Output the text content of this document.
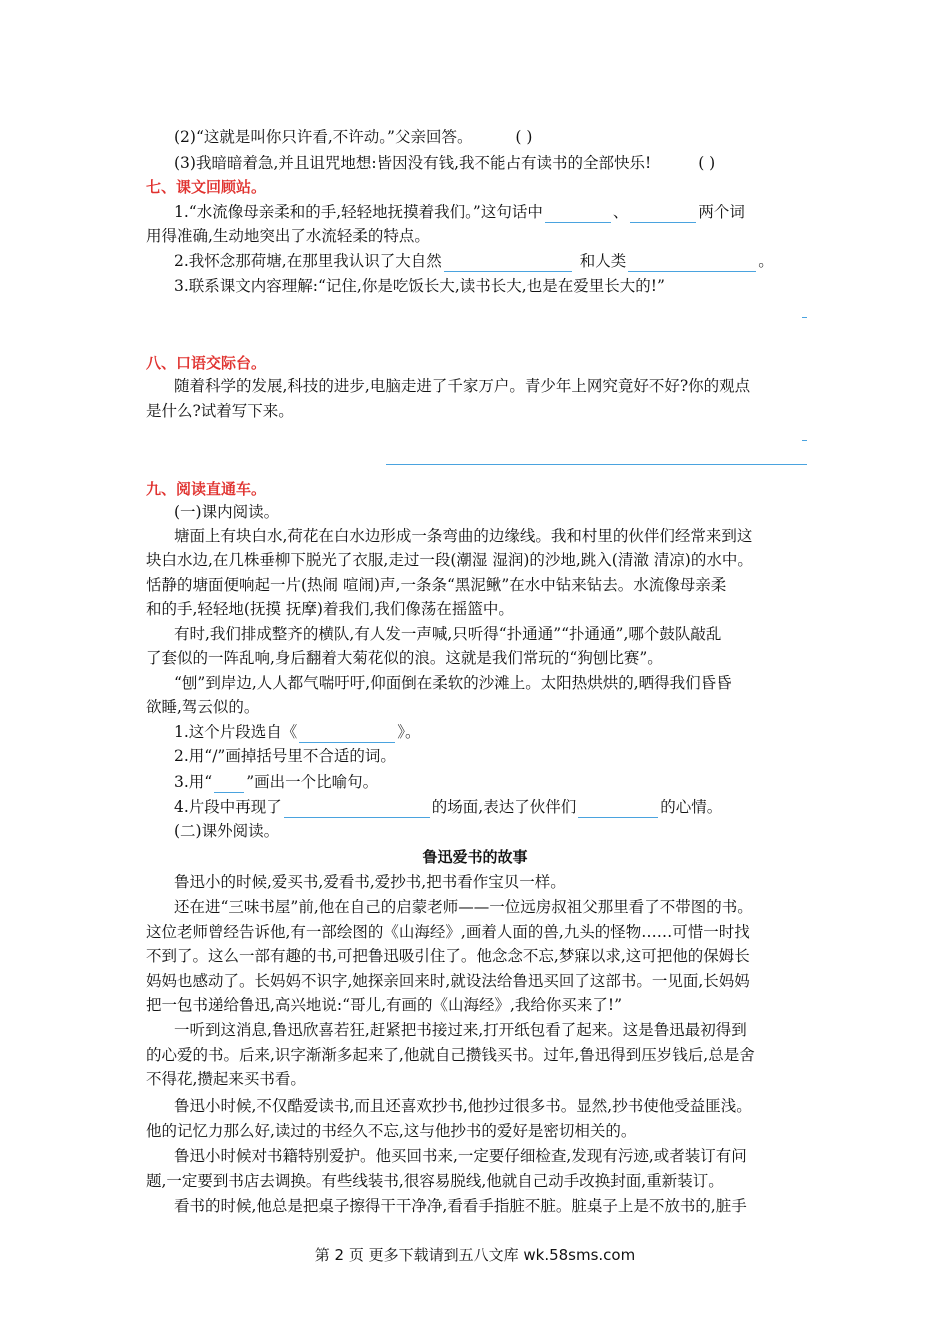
(2)“这就是叫你只许看,不许动。”父亲回答。	( )
(3)我暗暗着急,并且诅咒地想:皆因没有钱,我不能占有读书的全部快乐!	( )
七、课文回顾站。
1.“水流像母亲柔和的手,轻轻地抚摸着我们。”这句话中	、	两个词
用得准确,生动地突出了水流轻柔的特点。
2.我怀念那荷塘,在那里我认识了大自然	和人类	。
3.联系课文内容理解:“记住,你是吃饭长大,读书长大,也是在爱里长大的!”
八、口语交际台。
随着科学的发展,科技的进步,电脑走进了千家万户。青少年上网究竟好不好?你的观点
是什么?试着写下来。
九、阅读直通车。
(一)课内阅读。
塘面上有块白水,荷花在白水边形成一条弯曲的边缘线。我和村里的伙伴们经常来到这
块白水边,在几株垂柳下脱光了衣服,走过一段(潮湿 湿润)的沙地,跳入(清澈 清凉)的水中。
恬静的塘面便响起一片(热闹 喧闹)声,一条条“黑泥鳅”在水中钻来钻去。水流像母亲柔
和的手,轻轻地(抚摸 抚摩)着我们,我们像荡在摇篮中。
有时,我们排成整齐的横队,有人发一声喊,只听得“扑通通”“扑通通”,哪个鼓队敲乱
了套似的一阵乱响,身后翻着大菊花似的浪。这就是我们常玩的“狗刨比赛”。
“刨”到岸边,人人都气喘吁吁,仰面倒在柔软的沙滩上。太阳热烘烘的,晒得我们昏昏
欲睡,驾云似的。
1.这个片段选自《	》。
2.用“/”画掉括号里不合适的词。
3.用“ ”画出一个比喻句。
4.片段中再现了	的场面,表达了伙伴们	的心情。
(二)课外阅读。
鲁迅爱书的故事
鲁迅小的时候,爱买书,爱看书,爱抄书,把书看作宝贝一样。
还在进“三味书屋”前,他在自己的启蒙老师——一位远房叔祖父那里看了不带图的书。
这位老师曾经告诉他,有一部绘图的《山海经》,画着人面的兽,九头的怪物……可惜一时找
不到了。这么一部有趣的书,可把鲁迅吸引住了。他念念不忘,梦寐以求,这可把他的保姆长
妈妈也感动了。长妈妈不识字,她探亲回来时,就设法给鲁迅买回了这部书。一见面,长妈妈
把一包书递给鲁迅,高兴地说:“哥儿,有画的《山海经》,我给你买来了!”
一听到这消息,鲁迅欣喜若狂,赶紧把书接过来,打开纸包看了起来。这是鲁迅最初得到
的心爱的书。后来,识字渐渐多起来了,他就自己攒钱买书。过年,鲁迅得到压岁钱后,总是舍
不得花,攒起来买书看。
鲁迅小时候,不仅酷爱读书,而且还喜欢抄书,他抄过很多书。显然,抄书使他受益匪浅。
他的记忆力那么好,读过的书经久不忘,这与他抄书的爱好是密切相关的。
鲁迅小时候对书籍特别爱护。他买回书来,一定要仔细检查,发现有污迹,或者装订有问
题,一定要到书店去调换。有些线装书,很容易脱线,他就自己动手改换封面,重新装订。
看书的时候,他总是把桌子擦得干干净净,看看手指脏不脏。脏桌子上是不放书的,脏手
第 2 页 更多下载请到五八文库 wk.58sms.com
